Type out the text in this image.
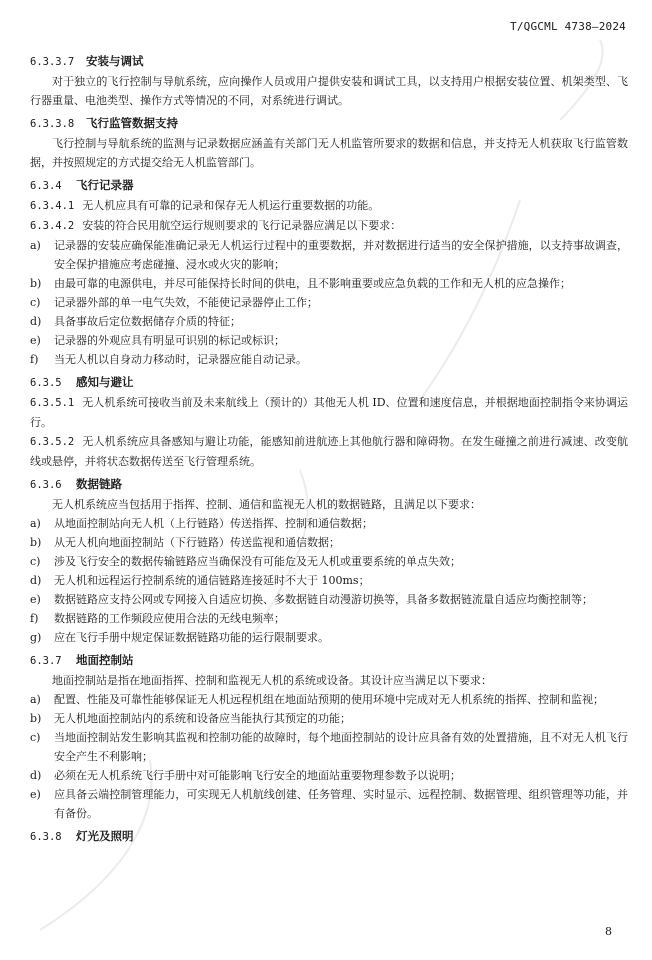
T/QGCML 4738—2024
6.3.3.7 安装与调试

对于独立的飞行控制与导航系统，应向操作人员或用户提供安装和调试工具，以支持用户根据安装位置、机架类型、飞行器重量、电池类型、操作方式等情况的不同，对系统进行调试。

6.3.3.8 飞行监管数据支持

飞行控制与导航系统的监测与记录数据应涵盖有关部门无人机监管所要求的数据和信息，并支持无人机获取飞行监管数据，并按照规定的方式提交给无人机监管部门。

6.3.4 飞行记录器

6.3.4.1 无人机应具有可靠的记录和保存无人机运行重要数据的功能。

6.3.4.2 安装的符合民用航空运行规则要求的飞行记录器应满足以下要求：

a) 记录器的安装应确保能准确记录无人机运行过程中的重要数据，并对数据进行适当的安全保护措施，以支持事故调查，安全保护措施应考虑碰撞、浸水或火灾的影响；

b) 由最可靠的电源供电，并尽可能保持长时间的供电，且不影响重要或应急负载的工作和无人机的应急操作；

c) 记录器外部的单一电气失效，不能使记录器停止工作；

d) 具备事故后定位数据储存介质的特征；

e) 记录器的外观应具有明显可识别的标记或标识；

f) 当无人机以自身动力移动时，记录器应能自动记录。

6.3.5 感知与避让

6.3.5.1 无人机系统可接收当前及未来航线上（预计的）其他无人机 ID、位置和速度信息，并根据地面控制指令来协调运行。

6.3.5.2 无人机系统应具备感知与避让功能，能感知前进航迹上其他航行器和障碍物。在发生碰撞之前进行减速、改变航线或悬停，并将状态数据传送至飞行管理系统。

6.3.6 数据链路

无人机系统应当包括用于指挥、控制、通信和监视无人机的数据链路，且满足以下要求：

a) 从地面控制站向无人机（上行链路）传送指挥、控制和通信数据；

b) 从无人机向地面控制站（下行链路）传送监视和通信数据；

c) 涉及飞行安全的数据传输链路应当确保没有可能危及无人机或重要系统的单点失效；

d) 无人机和远程运行控制系统的通信链路连接延时不大于 100ms；

e) 数据链路应支持公网或专网接入自适应切换、多数据链自动漫游切换等，具备多数据链流量自适应均衡控制等；

f) 数据链路的工作频段应使用合法的无线电频率；

g) 应在飞行手册中规定保证数据链路功能的运行限制要求。

6.3.7 地面控制站

地面控制站是指在地面指挥、控制和监视无人机的系统或设备。其设计应当满足以下要求：

a) 配置、性能及可靠性能够保证无人机远程机组在地面站预期的使用环境中完成对无人机系统的指挥、控制和监视；

b) 无人机地面控制站内的系统和设备应当能执行其预定的功能；

c) 当地面控制站发生影响其监视和控制功能的故障时，每个地面控制站的设计应具备有效的处置措施，且不对无人机飞行安全产生不利影响；

d) 必须在无人机系统飞行手册中对可能影响飞行安全的地面站重要物理参数予以说明；

e) 应具备云端控制管理能力，可实现无人机航线创建、任务管理、实时显示、远程控制、数据管理、组织管理等功能，并有备份。

6.3.8 灯光及照明
8
